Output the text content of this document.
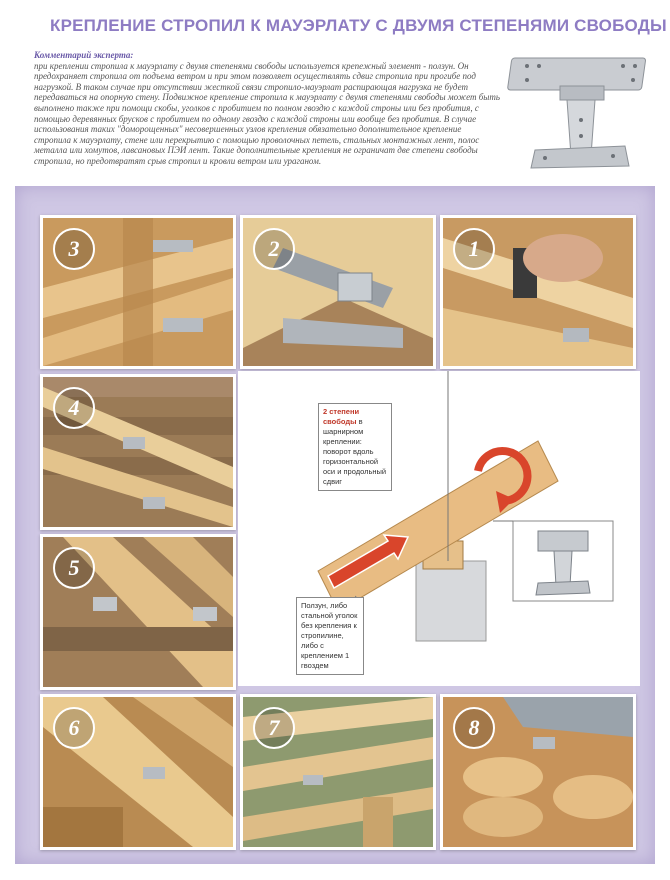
КРЕПЛЕНИЕ СТРОПИЛ К МАУЭРЛАТУ С ДВУМЯ СТЕПЕНЯМИ СВОБОДЫ
Комментарий эксперта:
при креплении стропила к мауэрлату с двумя степенями свободы используется крепежный элемент - ползун. Он предохраняет стропила от подъема ветром и при этом позволяет осуществлять сдвиг стропила при прогибе под нагрузкой. В таком случае при отсутствии жесткой связи стропило-мауэрлат распирающая нагрузка не будет передаваться на опорную стену. Подвижное крепление стропила к мауэрлату с двумя степенями свободы может быть выполнено также при помощи скобы, уголков с пробитием по полном гвоздю с каждой строны или без пробития, с помощью деревянных брусков с пробитием по одному гвоздю с каждой строны или вообще без пробития. В случае использования таких "доморощенных" несовершенных узлов крепления обязательно дополнительное крепление стропила к мауэрлату, стене или перекрытию с помощью проволочных петель, стальных монтажных лент, полос металла или хомутов, лавсановых ПЭИ лент. Такие дополнительные крепления не ограничат две степени свободы стропила, но предотвратят срыв стропил и кровли ветром или ураганом.
3	2	1
4
5
2 степени свободы в шарнирном креплении: поворот вдоль горизонтальной оси и продольный сдвиг
Ползун, либо стальной уголок без крепления к стропилине, либо с креплением 1 гвоздем
6	7	8
